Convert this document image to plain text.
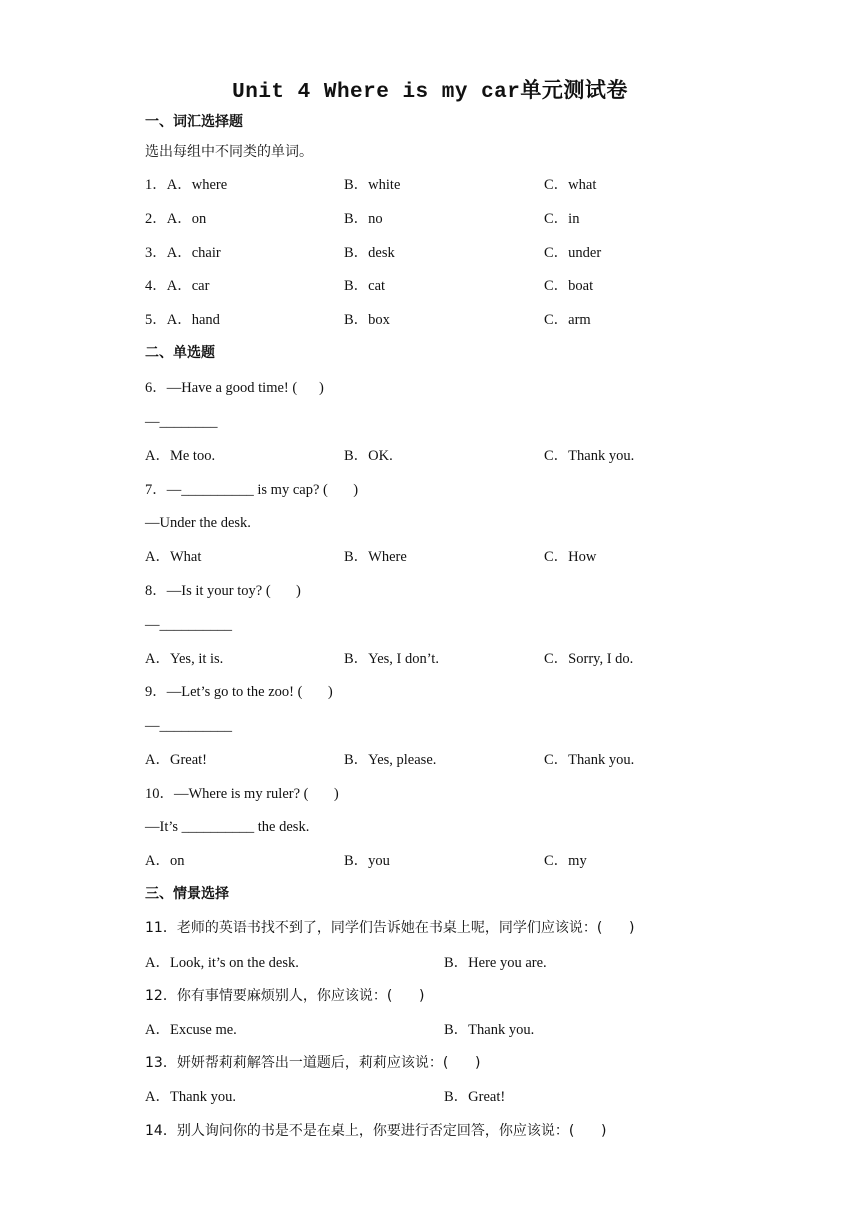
Unit 4 Where is my car单元测试卷
一、词汇选择题
选出每组中不同类的单词。
1．A．where	B．white	C．what
2．A．on	B．no	C．in
3．A．chair	B．desk	C．under
4．A．car	B．cat	C．boat
5．A．hand	B．box	C．arm
二、单选题
6．—Have a good time! (      )
—________
A．Me too.	B．OK.	C．Thank you.
7．—__________ is my cap? (       )
—Under the desk.
A．What	B．Where	C．How
8．—Is it your toy? (       )
—__________
A．Yes, it is.	B．Yes, I don’t.	C．Sorry, I do.
9．—Let’s go to the zoo! (       )
—__________
A．Great!	B．Yes, please.	C．Thank you.
10．—Where is my ruler? (       )
—It’s __________ the desk.
A．on	B．you	C．my
三、情景选择
11．老师的英语书找不到了，同学们告诉她在书桌上呢，同学们应该说：(      )
A．Look, it’s on the desk.	B．Here you are.
12．你有事情要麻烦别人，你应该说：(      )
A．Excuse me.	B．Thank you.
13．妍妍帮莉莉解答出一道题后，莉莉应该说：(      )
A．Thank you.	B．Great!
14．别人询问你的书是不是在桌上，你要进行否定回答，你应该说：(      )
